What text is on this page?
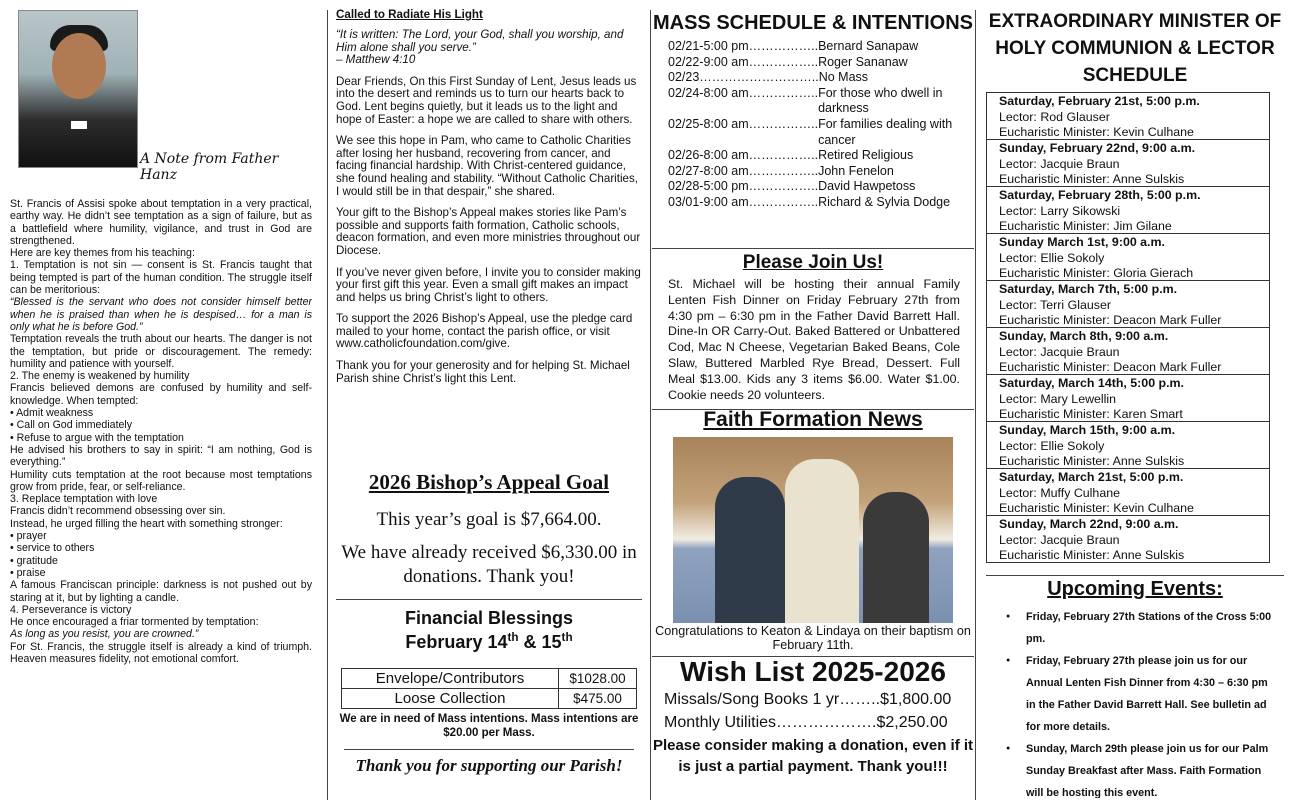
A Note from Father Hanz

St. Francis of Assisi spoke about temptation in a very practical, earthy way. He didn’t see temptation as a sign of failure, but as a battlefield where humility, vigilance, and trust in God are strengthened.

Here are key themes from his teaching:

1. Temptation is not sin — consent is St. Francis taught that being tempted is part of the human condition. The struggle itself can be meritorious:

“Blessed is the servant who does not consider himself better when he is praised than when he is despised… for a man is only what he is before God.”

Temptation reveals the truth about our hearts. The danger is not the temptation, but pride or discouragement. The remedy: humility and patience with yourself.

2. The enemy is weakened by humility

Francis believed demons are confused by humility and self-knowledge. When tempted:

• Admit weakness

• Call on God immediately

• Refuse to argue with the temptation

He advised his brothers to say in spirit: “I am nothing, God is everything.”

Humility cuts temptation at the root because most temptations grow from pride, fear, or self-reliance.

3. Replace temptation with love

Francis didn’t recommend obsessing over sin.

Instead, he urged filling the heart with something stronger:

• prayer

• service to others

• gratitude

• praise

A famous Franciscan principle: darkness is not pushed out by staring at it, but by lighting a candle.

4. Perseverance is victory

He once encouraged a friar tormented by temptation:

As long as you resist, you are crowned.”

For St. Francis, the struggle itself is already a kind of triumph. Heaven measures fidelity, not emotional comfort.

Called to Radiate His Light

“It is written: The Lord, your God, shall you worship, and Him alone shall you serve.”

– Matthew 4:10

Dear Friends, On this First Sunday of Lent, Jesus leads us into the desert and reminds us to turn our hearts back to God. Lent begins quietly, but it leads us to the light and hope of Easter: a hope we are called to share with others.

We see this hope in Pam, who came to Catholic Charities after losing her husband, recovering from cancer, and facing financial hardship. With Christ-centered guidance, she found healing and stability. “Without Catholic Charities, I would still be in that despair,” she shared.

Your gift to the Bishop’s Appeal makes stories like Pam’s possible and supports faith formation, Catholic schools, deacon formation, and even more ministries throughout our Diocese.

If you’ve never given before, I invite you to consider making your first gift this year. Even a small gift makes an impact and helps us bring Christ’s light to others.

To support the 2026 Bishop’s Appeal, use the pledge card mailed to your home, contact the parish office, or visit www.catholicfoundation.com/give.

Thank you for your generosity and for helping St. Michael Parish shine Christ’s light this Lent.

2026 Bishop’s Appeal Goal
This year’s goal is $7,664.00.
We have already received $6,330.00 in donations. Thank you!
Financial Blessings
February 14th & 15th
Envelope/Contributors	$1028.00
Loose Collection	$475.00
We are in need of Mass intentions. Mass intentions are $20.00 per Mass.
Thank you for supporting our Parish!
MASS SCHEDULE & INTENTIONS
02/21-5:00 pm…………….. Bernard Sanapaw
02/22-9:00 am…………….. Roger Sananaw
02/23……………………….. No Mass
02/24-8:00 am…………….. For those who dwell in darkness
02/25-8:00 am…………….. For families dealing with cancer
02/26-8:00 am…………….. Retired Religious
02/27-8:00 am…………….. John Fenelon
02/28-5:00 pm…………….. David Hawpetoss
03/01-9:00 am…………….. Richard & Sylvia Dodge
Please Join Us!

St. Michael will be hosting their annual Family Lenten Fish Dinner on Friday February 27th from 4:30 pm – 6:30 pm in the Father David Barrett Hall. Dine-In OR Carry-Out. Baked Battered or Unbattered Cod, Mac N Cheese, Vegetarian Baked Beans, Cole Slaw, Buttered Marbled Rye Bread, Dessert. Full Meal $13.00. Kids any 3 items $6.00. Water $1.00. Cookie needs 20 volunteers.

Faith Formation News
Congratulations to Keaton & Lindaya on their baptism on February 11th.
Wish List 2025-2026
Missals/Song Books 1 yr…….. $1,800.00
Monthly Utilities………………. $2,250.00
Please consider making a donation, even if it is just a partial payment. Thank you!!!
EXTRAORDINARY MINISTER OF HOLY COMMUNION & LECTOR SCHEDULE
Saturday, February 21st, 5:00 p.m.
Lector: Rod Glauser
Eucharistic Minister: Kevin Culhane
Sunday, February 22nd, 9:00 a.m.
Lector: Jacquie Braun
Eucharistic Minister: Anne Sulskis
Saturday, February 28th, 5:00 p.m.
Lector: Larry Sikowski
Eucharistic Minister: Jim Gilane
Sunday March 1st, 9:00 a.m.
Lector: Ellie Sokoly
Eucharistic Minister: Gloria Gierach
Saturday, March 7th, 5:00 p.m.
Lector: Terri Glauser
Eucharistic Minister: Deacon Mark Fuller
Sunday, March 8th, 9:00 a.m.
Lector: Jacquie Braun
Eucharistic Minister: Deacon Mark Fuller
Saturday, March 14th, 5:00 p.m.
Lector: Mary Lewellin
Eucharistic Minister: Karen Smart
Sunday, March 15th, 9:00 a.m.
Lector: Ellie Sokoly
Eucharistic Minister: Anne Sulskis
Saturday, March 21st, 5:00 p.m.
Lector: Muffy Culhane
Eucharistic Minister: Kevin Culhane
Sunday, March 22nd, 9:00 a.m.
Lector: Jacquie Braun
Eucharistic Minister: Anne Sulskis
Upcoming Events:
● Friday, February 27th Stations of the Cross 5:00 pm.
● Friday, February 27th please join us for our Annual Lenten Fish Dinner from 4:30 – 6:30 pm in the Father David Barrett Hall. See bulletin ad for more details.
● Sunday, March 29th please join us for our Palm Sunday Breakfast after Mass. Faith Formation will be hosting this event.
